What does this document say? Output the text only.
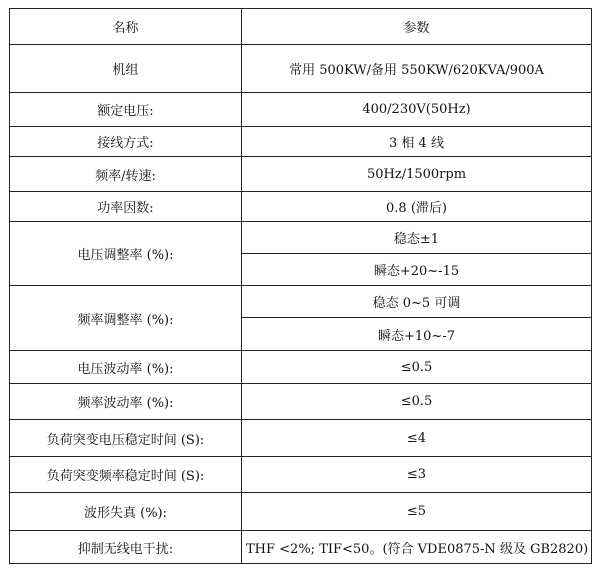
名称	参数
机组	常用 500KW/备用 550KW/620KVA/900A
额定电压:	400/230V(50Hz)
接线方式:	3 相 4 线
频率/转速:	50Hz/1500rpm
功率因数:	0.8 (滞后)
电压调整率 (%):	稳态±1
	瞬态+20~-15
频率调整率 (%):	稳态 0~5 可调
	瞬态+10~-7
电压波动率 (%):	≤0.5
频率波动率 (%):	≤0.5
负荷突变电压稳定时间 (S):	≤4
负荷突变频率稳定时间 (S):	≤3
波形失真 (%):	≤5
抑制无线电干扰:	THF <2%; TIF<50。(符合 VDE0875-N 级及 GB2820)
